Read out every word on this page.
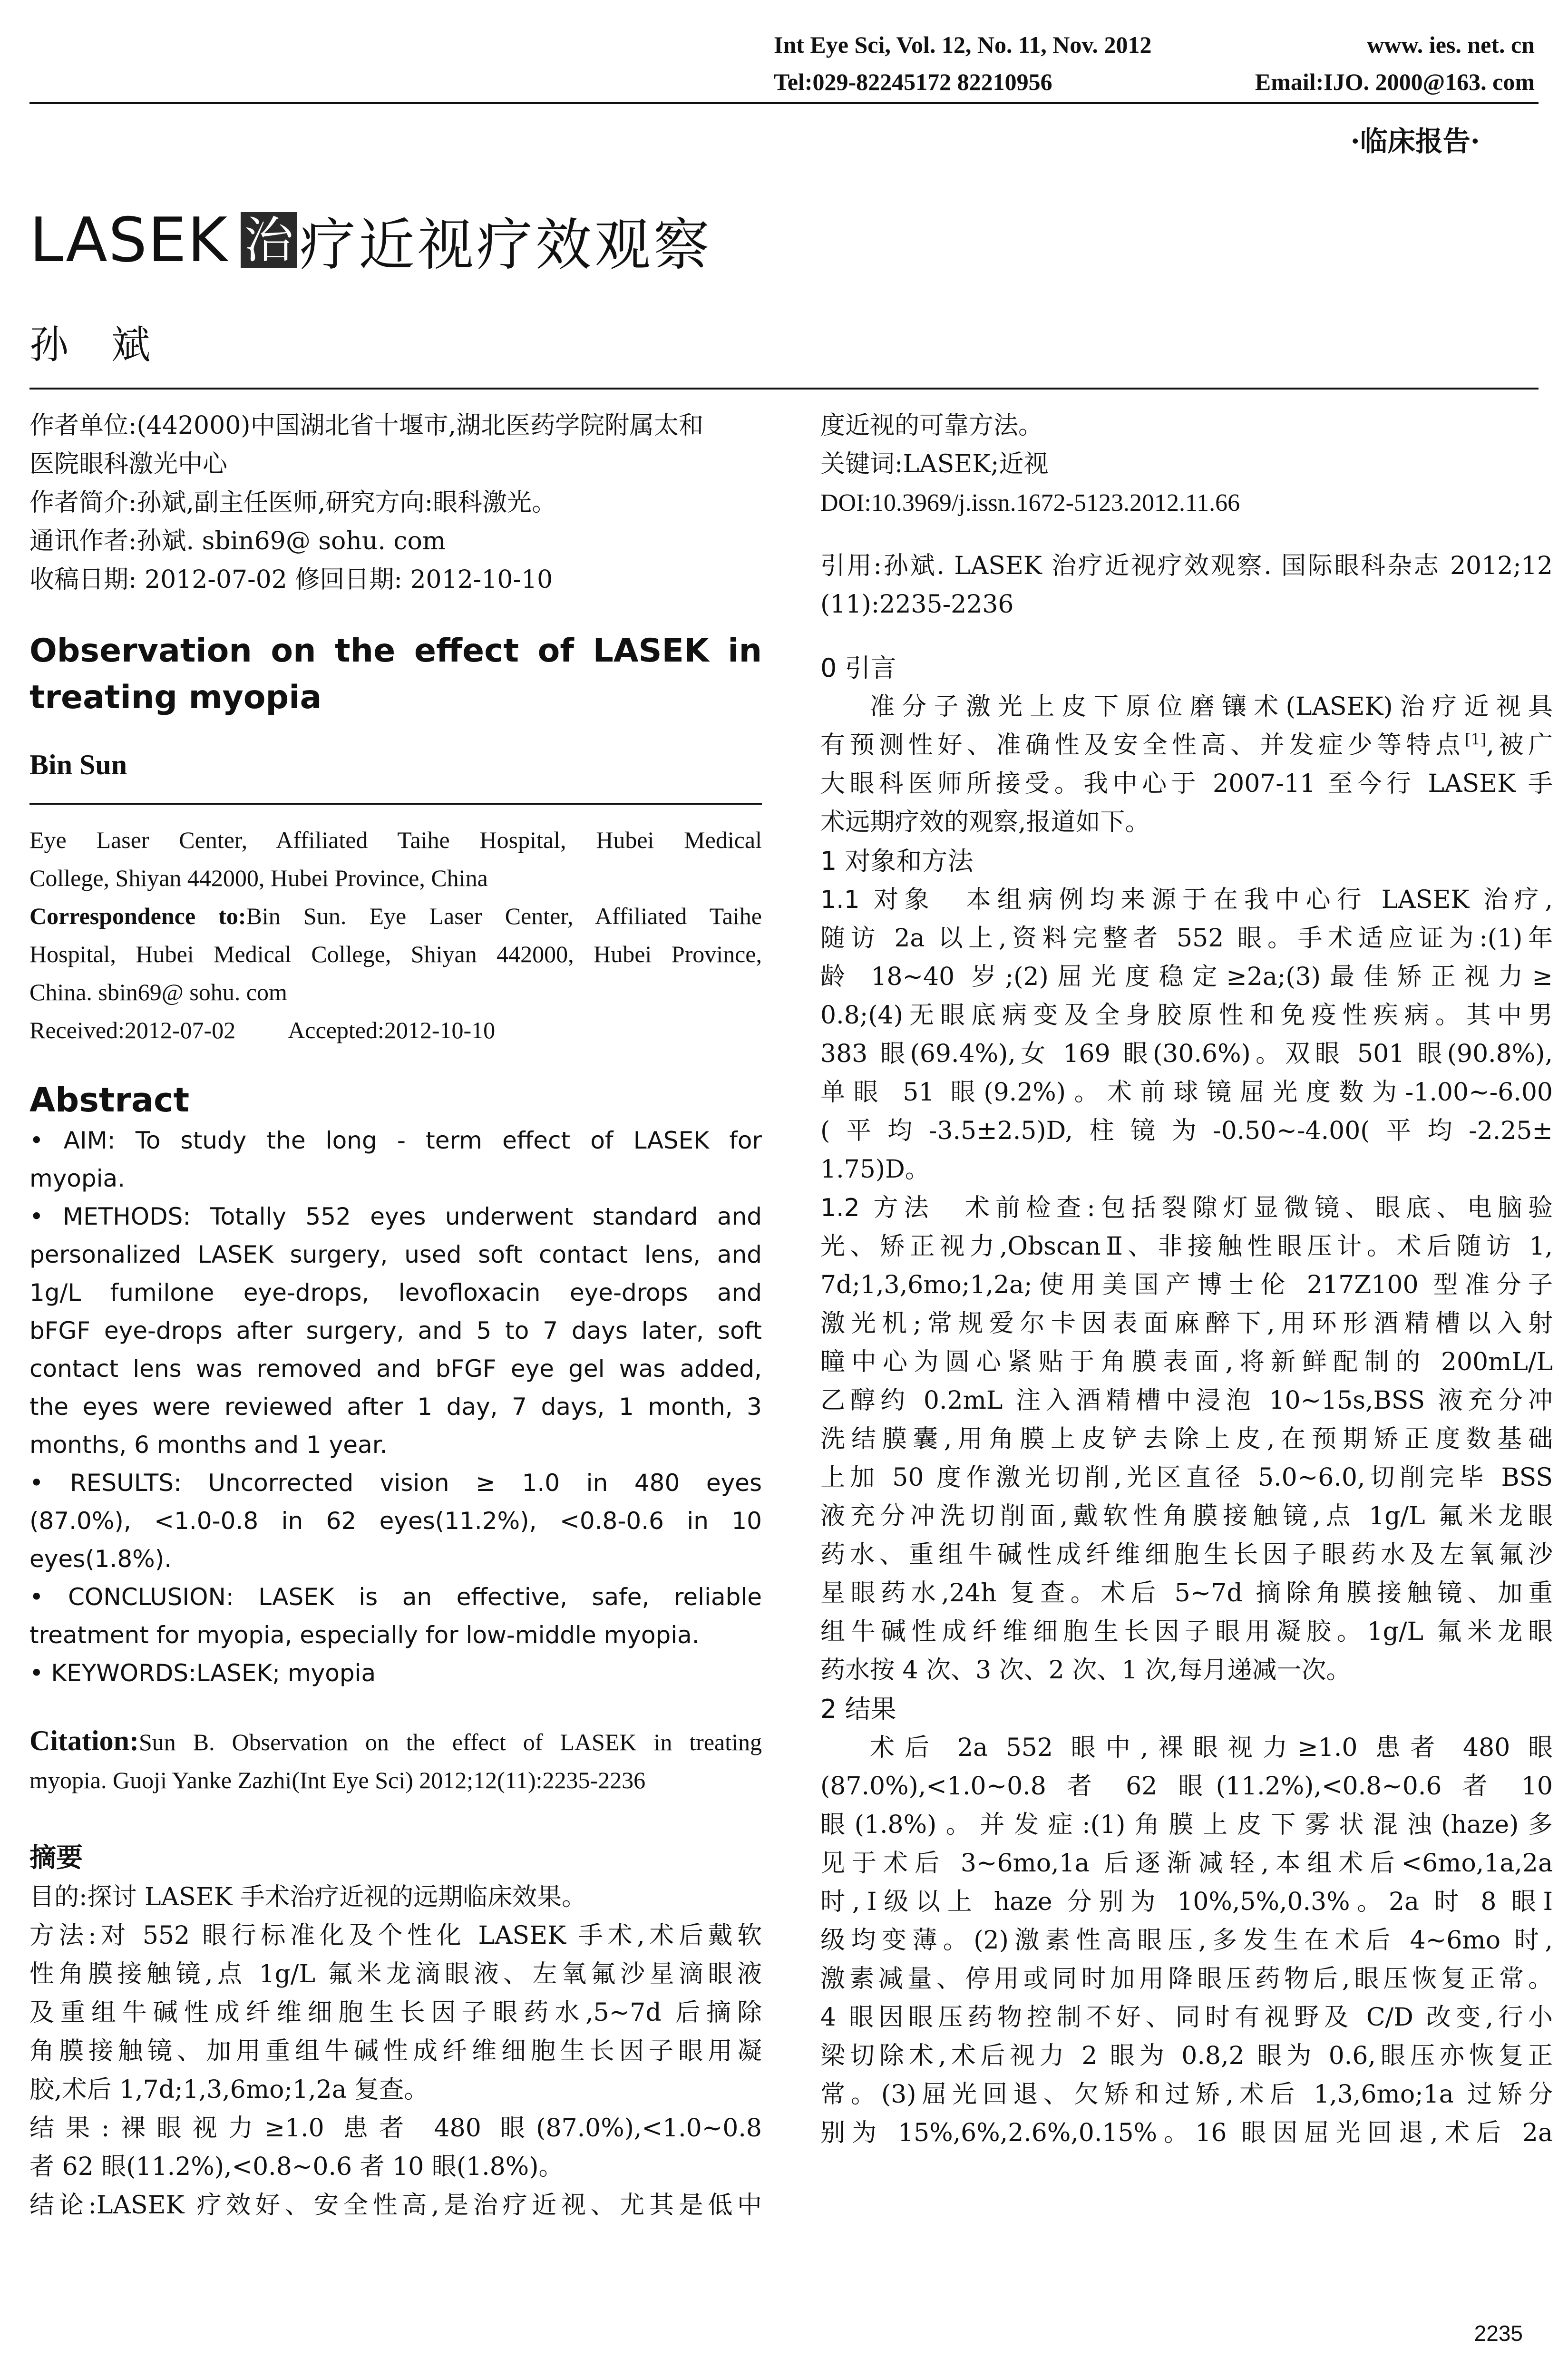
Int Eye Sci, Vol. 12, No. 11, Nov. 2012	www. ies. net. cn
Tel:029-82245172 82210956	Email:IJO. 2000@163. com
·临床报告·
LASEK 治 疗近视疗效观察
孙斌
作者单位:(442000)中国湖北省十堰市,湖北医药学院附属太和
医院眼科激光中心
作者简介:孙斌,副主任医师,研究方向:眼科激光。
通讯作者:孙斌. sbin69@ sohu. com
收稿日期: 2012-07-02 修回日期: 2012-10-10
Observation on the effect of LASEK in
treating myopia
Bin Sun
Eye Laser Center, Affiliated Taihe Hospital, Hubei Medical
College, Shiyan 442000, Hubei Province, China
Correspondence to:Bin Sun. Eye Laser Center, Affiliated Taihe
Hospital, Hubei Medical College, Shiyan 442000, Hubei Province,
China. sbin69@ sohu. com
Received:2012-07-02 Accepted:2012-10-10
Abstract
• AIM: To study the long - term effect of LASEK for
myopia.
• METHODS: Totally 552 eyes underwent standard and
personalized LASEK surgery, used soft contact lens, and
1g/L fumilone eye-drops, levofloxacin eye-drops and
bFGF eye-drops after surgery, and 5 to 7 days later, soft
contact lens was removed and bFGF eye gel was added,
the eyes were reviewed after 1 day, 7 days, 1 month, 3
months, 6 months and 1 year.
• RESULTS: Uncorrected vision ≥ 1.0 in 480 eyes
(87.0%), <1.0-0.8 in 62 eyes(11.2%), <0.8-0.6 in 10
eyes(1.8%).
• CONCLUSION: LASEK is an effective, safe, reliable
treatment for myopia, especially for low-middle myopia.
• KEYWORDS:LASEK; myopia
Citation:Sun B. Observation on the effect of LASEK in treating
myopia. Guoji Yanke Zazhi(Int Eye Sci) 2012;12(11):2235-2236
摘要
目的:探讨 LASEK 手术治疗近视的远期临床效果。
方法:对 552 眼行标准化及个性化 LASEK 手术,术后戴软
性角膜接触镜,点 1g/L 氟米龙滴眼液、左氧氟沙星滴眼液
及重组牛碱性成纤维细胞生长因子眼药水,5~7d 后摘除
角膜接触镜、加用重组牛碱性成纤维细胞生长因子眼用凝
胶,术后 1,7d;1,3,6mo;1,2a 复查。
结果:裸眼视力≥1.0 患者 480 眼(87.0%),<1.0~0.8
者 62 眼(11.2%),<0.8~0.6 者 10 眼(1.8%)。
结论:LASEK 疗效好、安全性高,是治疗近视、尤其是低中
度近视的可靠方法。
关键词:LASEK;近视
DOI:10.3969/j.issn.1672-5123.2012.11.66
引用:孙斌. LASEK 治疗近视疗效观察. 国际眼科杂志 2012;12
(11):2235-2236
0 引言
准分子激光上皮下原位磨镶术(LASEK)治疗近视具
有预测性好、准确性及安全性高、并发症少等特点[1],被广
大眼科医师所接受。我中心于 2007-11 至今行 LASEK 手
术远期疗效的观察,报道如下。
1 对象和方法
1.1 对象 本组病例均来源于在我中心行 LASEK 治疗,
随访 2a 以上,资料完整者 552 眼。手术适应证为:(1)年
龄 18~40 岁;(2)屈光度稳定≥2a;(3)最佳矫正视力≥
0.8;(4)无眼底病变及全身胶原性和免疫性疾病。其中男
383 眼(69.4%),女 169 眼(30.6%)。双眼 501 眼(90.8%),
单眼 51 眼(9.2%)。术前球镜屈光度数为-1.00~-6.00
(平均-3.5±2.5)D,柱镜为-0.50~-4.00(平均-2.25±
1.75)D。
1.2 方法 术前检查:包括裂隙灯显微镜、眼底、电脑验
光、矫正视力,ObscanⅡ、非接触性眼压计。术后随访 1,
7d;1,3,6mo;1,2a;使用美国产博士伦 217Z100 型准分子
激光机;常规爱尔卡因表面麻醉下,用环形酒精槽以入射
瞳中心为圆心紧贴于角膜表面,将新鲜配制的 200mL/L
乙醇约 0.2mL 注入酒精槽中浸泡 10~15s,BSS 液充分冲
洗结膜囊,用角膜上皮铲去除上皮,在预期矫正度数基础
上加 50 度作激光切削,光区直径 5.0~6.0,切削完毕 BSS
液充分冲洗切削面,戴软性角膜接触镜,点 1g/L 氟米龙眼
药水、重组牛碱性成纤维细胞生长因子眼药水及左氧氟沙
星眼药水,24h 复查。术后 5~7d 摘除角膜接触镜、加重
组牛碱性成纤维细胞生长因子眼用凝胶。1g/L 氟米龙眼
药水按 4 次、3 次、2 次、1 次,每月递减一次。
2 结果
术后 2a 552 眼中,裸眼视力≥1.0 患者 480 眼
(87.0%),<1.0~0.8 者 62 眼(11.2%),<0.8~0.6 者 10
眼(1.8%)。并发症:(1)角膜上皮下雾状混浊(haze)多
见于术后 3~6mo,1a 后逐渐减轻,本组术后<6mo,1a,2a
时,Ⅰ级以上 haze 分别为 10%,5%,0.3%。2a 时 8 眼Ⅰ
级均变薄。(2)激素性高眼压,多发生在术后 4~6mo 时,
激素减量、停用或同时加用降眼压药物后,眼压恢复正常。
4 眼因眼压药物控制不好、同时有视野及 C/D 改变,行小
梁切除术,术后视力 2 眼为 0.8,2 眼为 0.6,眼压亦恢复正
常。(3)屈光回退、欠矫和过矫,术后 1,3,6mo;1a 过矫分
别为 15%,6%,2.6%,0.15%。16 眼因屈光回退,术后 2a
2235
